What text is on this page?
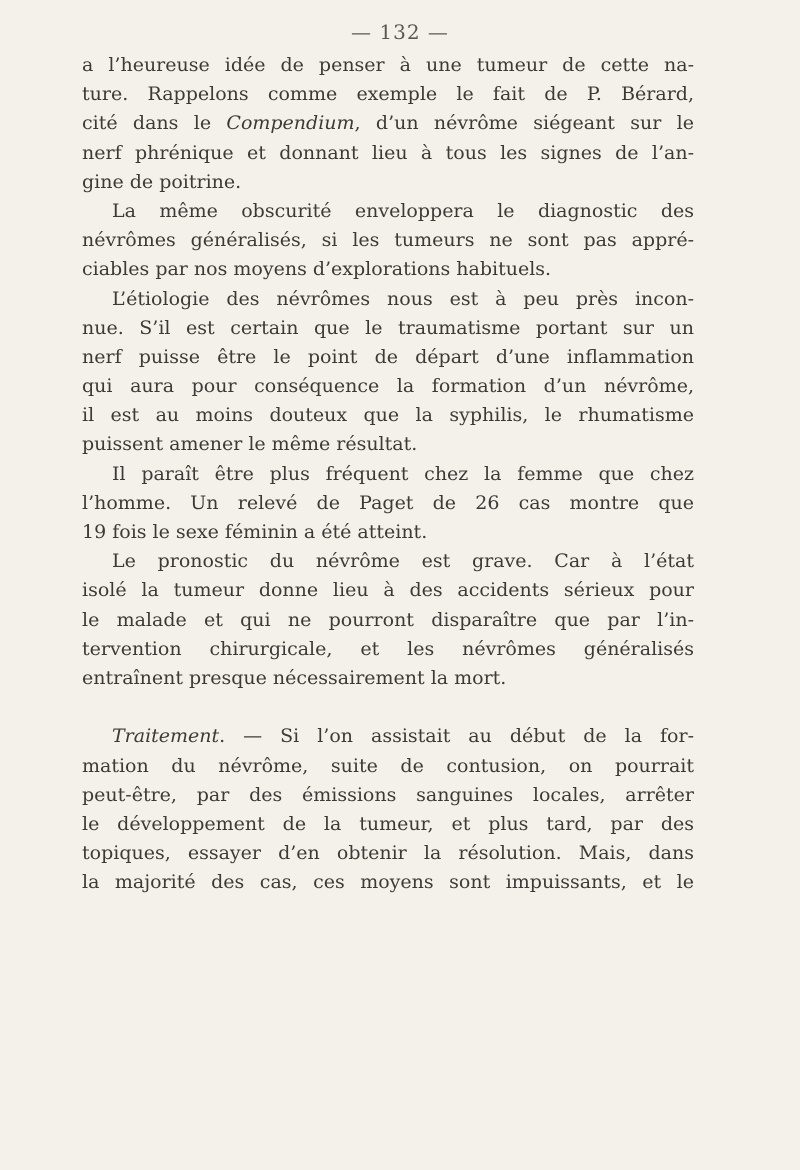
— 132 —
a l’heureuse idée de penser à une tumeur de cette na-
ture. Rappelons comme exemple le fait de P. Bérard,
cité dans le Compendium, d’un névrôme siégeant sur le
nerf phrénique et donnant lieu à tous les signes de l’an-
gine de poitrine.
La même obscurité enveloppera le diagnostic des
névrômes généralisés, si les tumeurs ne sont pas appré-
ciables par nos moyens d’explorations habituels.
L’étiologie des névrômes nous est à peu près incon-
nue. S’il est certain que le traumatisme portant sur un
nerf puisse être le point de départ d’une inflammation
qui aura pour conséquence la formation d’un névrôme,
il est au moins douteux que la syphilis, le rhumatisme
puissent amener le même résultat.
Il paraît être plus fréquent chez la femme que chez
l’homme. Un relevé de Paget de 26 cas montre que
19 fois le sexe féminin a été atteint.
Le pronostic du névrôme est grave. Car à l’état
isolé la tumeur donne lieu à des accidents sérieux pour
le malade et qui ne pourront disparaître que par l’in-
tervention chirurgicale, et les névrômes généralisés
entraînent presque nécessairement la mort.
Traitement. — Si l’on assistait au début de la for-
mation du névrôme, suite de contusion, on pourrait
peut-être, par des émissions sanguines locales, arrêter
le développement de la tumeur, et plus tard, par des
topiques, essayer d’en obtenir la résolution. Mais, dans
la majorité des cas, ces moyens sont impuissants, et le
